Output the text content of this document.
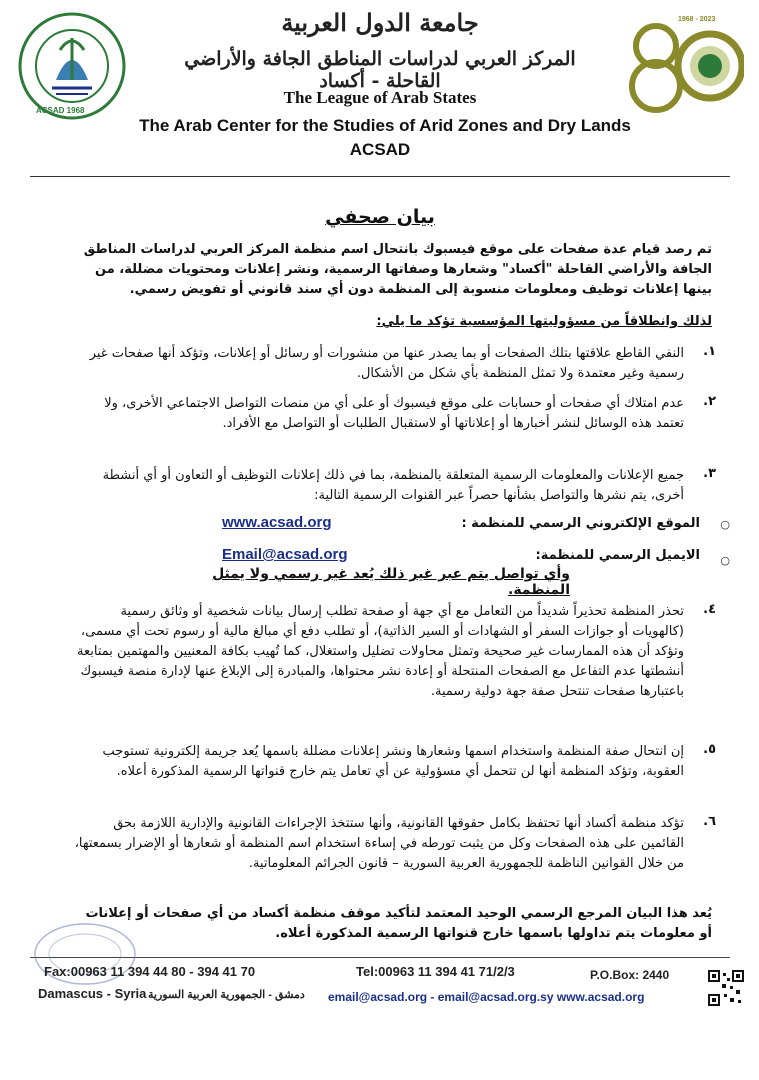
ACSAD 1968
1968 - 2023
جامعة الدول العربية
المركز العربي لدراسات المناطق الجافة والأراضي القاحلة - أكساد
The League of Arab States
The Arab Center for the Studies of Arid Zones and Dry Lands
ACSAD
بيان صحفي
تم رصد قيام عدة صفحات على موقع فيسبوك بانتحال اسم منظمة المركز العربي لدراسات المناطق الجافة والأراضي القاحلة "أكساد" وشعارها وصفاتها الرسمية، ونشر إعلانات ومحتويات مضللة، من بينها إعلانات توظيف ومعلومات منسوبة إلى المنظمة دون أي سند قانوني أو تفويض رسمي.
لذلك وانطلاقاً من مسؤوليتها المؤسسية تؤكد ما يلي:
.١
النفي القاطع علاقتها بتلك الصفحات أو بما يصدر عنها من منشورات أو رسائل أو إعلانات، وتؤكد أنها صفحات غير رسمية وغير معتمدة ولا تمثل المنظمة بأي شكل من الأشكال.
.٢
عدم امتلاك أي صفحات أو حسابات على موقع فيسبوك أو على أي من منصات التواصل الاجتماعي الأخرى، ولا تعتمد هذه الوسائل لنشر أخبارها أو إعلاناتها أو لاستقبال الطلبات أو التواصل مع الأفراد.
.٣
جميع الإعلانات والمعلومات الرسمية المتعلقة بالمنظمة، بما في ذلك إعلانات التوظيف أو التعاون أو أي أنشطة أخرى، يتم نشرها والتواصل بشأنها حصراً عبر القنوات الرسمية التالية:
○
الموقع الإلكتروني الرسمي للمنظمة :
www.acsad.org
○
الايميل الرسمي للمنظمة:
Email@acsad.org
وأي تواصل يتم عبر غير ذلك يُعد غير رسمي ولا يمثل المنظمة.
.٤
تحذر المنظمة تحذيراً شديداً من التعامل مع أي جهة أو صفحة تطلب إرسال بيانات شخصية أو وثائق رسمية (كالهويات أو جوازات السفر أو الشهادات أو السير الذاتية)، أو تطلب دفع أي مبالغ مالية أو رسوم تحت أي مسمى، وتؤكد أن هذه الممارسات غير صحيحة وتمثل محاولات تضليل واستغلال، كما تُهيب بكافة المعنيين والمهتمين بمتابعة أنشطتها عدم التفاعل مع الصفحات المنتحلة أو إعادة نشر محتواها، والمبادرة إلى الإبلاغ عنها لإدارة منصة فيسبوك باعتبارها صفحات تنتحل صفة جهة دولية رسمية.
.٥
إن انتحال صفة المنظمة واستخدام اسمها وشعارها ونشر إعلانات مضللة باسمها يُعد جريمة إلكترونية تستوجب العقوبة، وتؤكد المنظمة أنها لن تتحمل أي مسؤولية عن أي تعامل يتم خارج قنواتها الرسمية المذكورة أعلاه.
.٦
تؤكد منظمة أكساد أنها تحتفظ بكامل حقوقها القانونية، وأنها ستتخذ الإجراءات القانونية والإدارية اللازمة بحق القائمين على هذه الصفحات وكل من يثبت تورطه في إساءة استخدام اسم المنظمة أو شعارها أو الإضرار بسمعتها، من خلال القوانين الناظمة للجمهورية العربية السورية – قانون الجرائم المعلوماتية.
يُعد هذا البيان المرجع الرسمي الوحيد المعتمد لتأكيد موقف منظمة أكساد من أي صفحات أو إعلانات أو معلومات يتم تداولها باسمها خارج قنواتها الرسمية المذكورة أعلاه.
Fax:00963 11 394 44 80 - 394 41 70	Tel:00963 11 394 41 71/2/3	P.O.Box: 2440
Damascus - Syria دمشق - الجمهورية العربية السورية email@acsad.org - email@acsad.org.sy www.acsad.org
